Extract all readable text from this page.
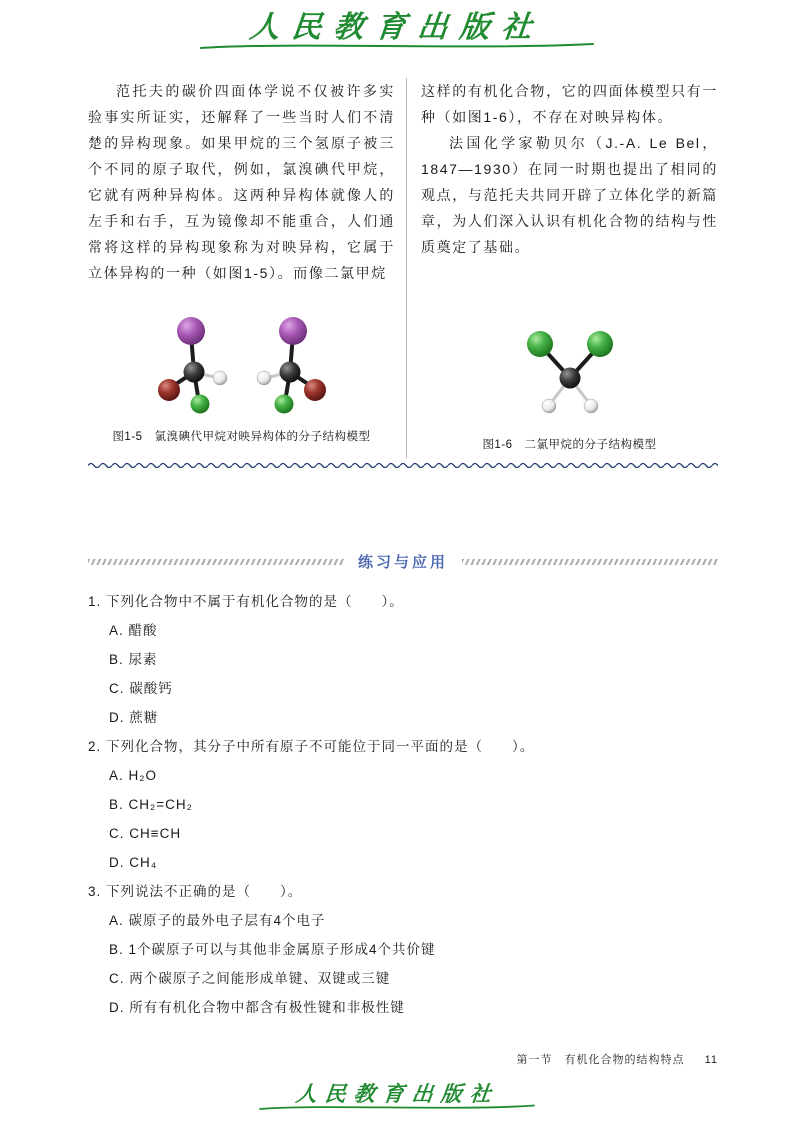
人民教育出版社

范托夫的碳价四面体学说不仅被许多实验事实所证实，还解释了一些当时人们不清楚的异构现象。如果甲烷的三个氢原子被三个不同的原子取代，例如，氯溴碘代甲烷，它就有两种异构体。这两种异构体就像人的左手和右手，互为镜像却不能重合，人们通常将这样的异构现象称为对映异构，它属于立体异构的一种（如图1-5）。而像二氯甲烷

图1-5　氯溴碘代甲烷对映异构体的分子结构模型

这样的有机化合物，它的四面体模型只有一种（如图1-6），不存在对映异构体。

法国化学家勒贝尔（J.-A. Le Bel，1847—1930）在同一时期也提出了相同的观点，与范托夫共同开辟了立体化学的新篇章，为人们深入认识有机化合物的结构与性质奠定了基础。

图1-6　二氯甲烷的分子结构模型

练习与应用

1. 下列化合物中不属于有机化合物的是（　　）。

A. 醋酸

B. 尿素

C. 碳酸钙

D. 蔗糖

2. 下列化合物，其分子中所有原子不可能位于同一平面的是（　　）。

A. H₂O

B. CH₂=CH₂

C. CH≡CH

D. CH₄

3. 下列说法不正确的是（　　）。

A. 碳原子的最外电子层有4个电子

B. 1个碳原子可以与其他非金属原子形成4个共价键

C. 两个碳原子之间能形成单键、双键或三键

D. 所有有机化合物中都含有极性键和非极性键

第一节　有机化合物的结构特点 11
人民教育出版社
